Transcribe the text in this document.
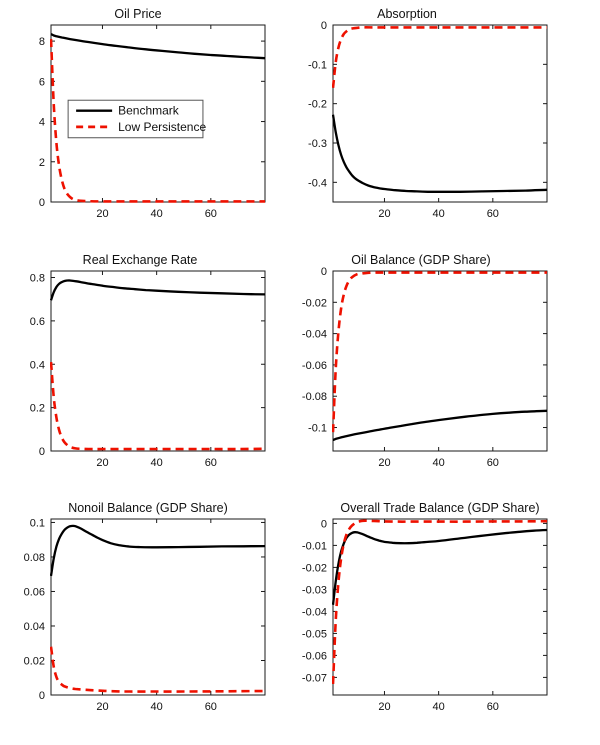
20	40	60
0
2
4
6
8
Oil Price
Benchmark
Low Persistence
20	40	60
-0.4
-0.3
-0.2
-0.1
0
Absorption
20	40	60
0
0.2
0.4
0.6
0.8
Real Exchange Rate
20	40	60
-0.1
-0.08
-0.06
-0.04
-0.02
0
Oil Balance (GDP Share)
20	40	60
0
0.02
0.04
0.06
0.08
0.1
Nonoil Balance (GDP Share)
20	40	60
-0.07
-0.06
-0.05
-0.04
-0.03
-0.02
-0.01
0
Overall Trade Balance (GDP Share)
